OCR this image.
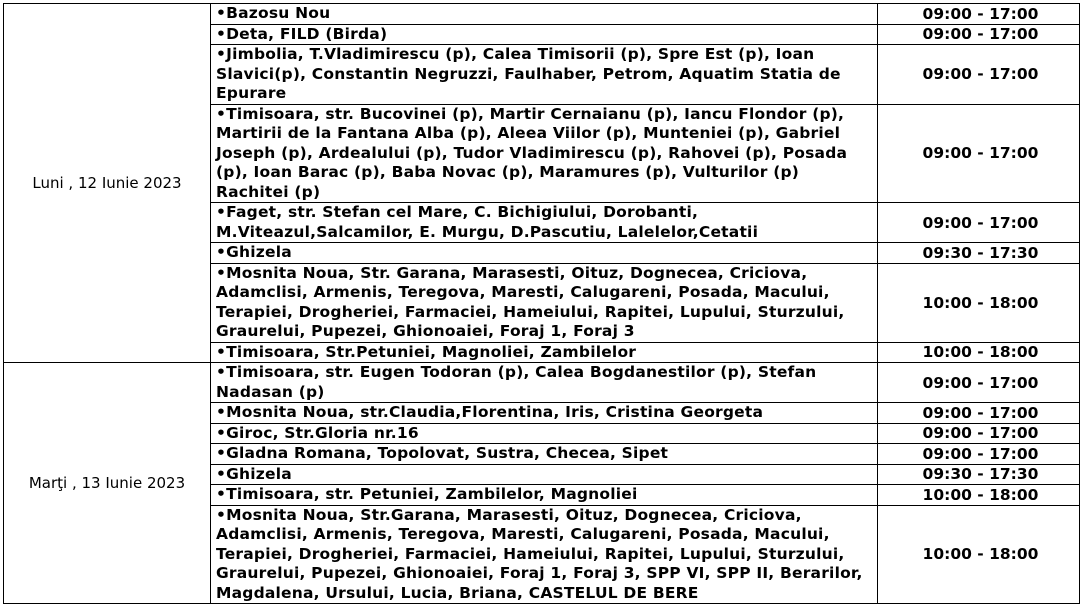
Luni , 12 Iunie 2023	•Bazosu Nou	09:00 - 17:00
	•Deta, FILD (Birda)	09:00 - 17:00
	•Jimbolia, T.Vladimirescu (p), Calea Timisorii (p), Spre Est (p), Ioan Slavici(p), Constantin Negruzzi, Faulhaber, Petrom, Aquatim Statia de Epurare	09:00 - 17:00
	•Timisoara, str. Bucovinei (p), Martir Cernaianu (p), Iancu Flondor (p), Martirii de la Fantana Alba (p), Aleea Viilor (p), Munteniei (p), Gabriel Joseph (p), Ardealului (p), Tudor Vladimirescu (p), Rahovei (p), Posada (p), Ioan Barac (p), Baba Novac (p), Maramures (p), Vulturilor (p) Rachitei (p)	09:00 - 17:00
	•Faget, str. Stefan cel Mare, C. Bichigiului, Dorobanti, M.Viteazul,Salcamilor, E. Murgu, D.Pascutiu, Lalelelor,Cetatii	09:00 - 17:00
	•Ghizela	09:30 - 17:30
	•Mosnita Noua, Str. Garana, Marasesti, Oituz, Dognecea, Criciova, Adamclisi, Armenis, Teregova, Maresti, Calugareni, Posada, Macului, Terapiei, Drogheriei, Farmaciei, Hameiului, Rapitei, Lupului, Sturzului, Graurelui, Pupezei, Ghionoaiei, Foraj 1, Foraj 3	10:00 - 18:00
	•Timisoara, Str.Petuniei, Magnoliei, Zambilelor	10:00 - 18:00
Marţi , 13 Iunie 2023	•Timisoara, str. Eugen Todoran (p), Calea Bogdanestilor (p), Stefan Nadasan (p)	09:00 - 17:00
	•Mosnita Noua, str.Claudia,Florentina, Iris, Cristina Georgeta	09:00 - 17:00
	•Giroc, Str.Gloria nr.16	09:00 - 17:00
	•Gladna Romana, Topolovat, Sustra, Checea, Sipet	09:00 - 17:00
	•Ghizela	09:30 - 17:30
	•Timisoara, str. Petuniei, Zambilelor, Magnoliei	10:00 - 18:00
	•Mosnita Noua, Str.Garana, Marasesti, Oituz, Dognecea, Criciova, Adamclisi, Armenis, Teregova, Maresti, Calugareni, Posada, Macului, Terapiei, Drogheriei, Farmaciei, Hameiului, Rapitei, Lupului, Sturzului, Graurelui, Pupezei, Ghionoaiei, Foraj 1, Foraj 3, SPP VI, SPP II, Berarilor, Magdalena, Ursului, Lucia, Briana, CASTELUL DE BERE	10:00 - 18:00
